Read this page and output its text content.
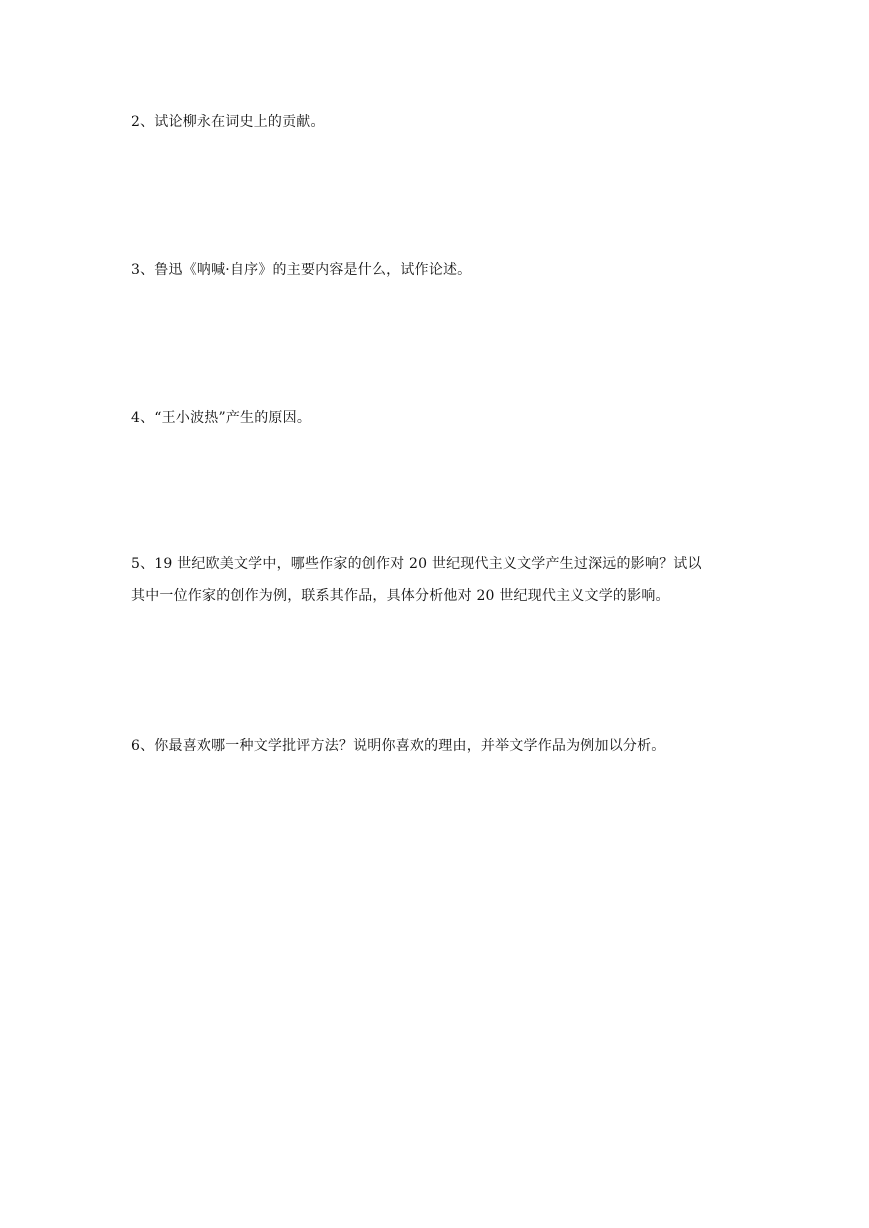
2、试论柳永在词史上的贡献。

3、鲁迅《呐喊·自序》的主要内容是什么，试作论述。

4、“王小波热”产生的原因。

5、19 世纪欧美文学中，哪些作家的创作对 20 世纪现代主义文学产生过深远的影响？试以
其中一位作家的创作为例，联系其作品，具体分析他对 20 世纪现代主义文学的影响。

6、你最喜欢哪一种文学批评方法？说明你喜欢的理由，并举文学作品为例加以分析。
